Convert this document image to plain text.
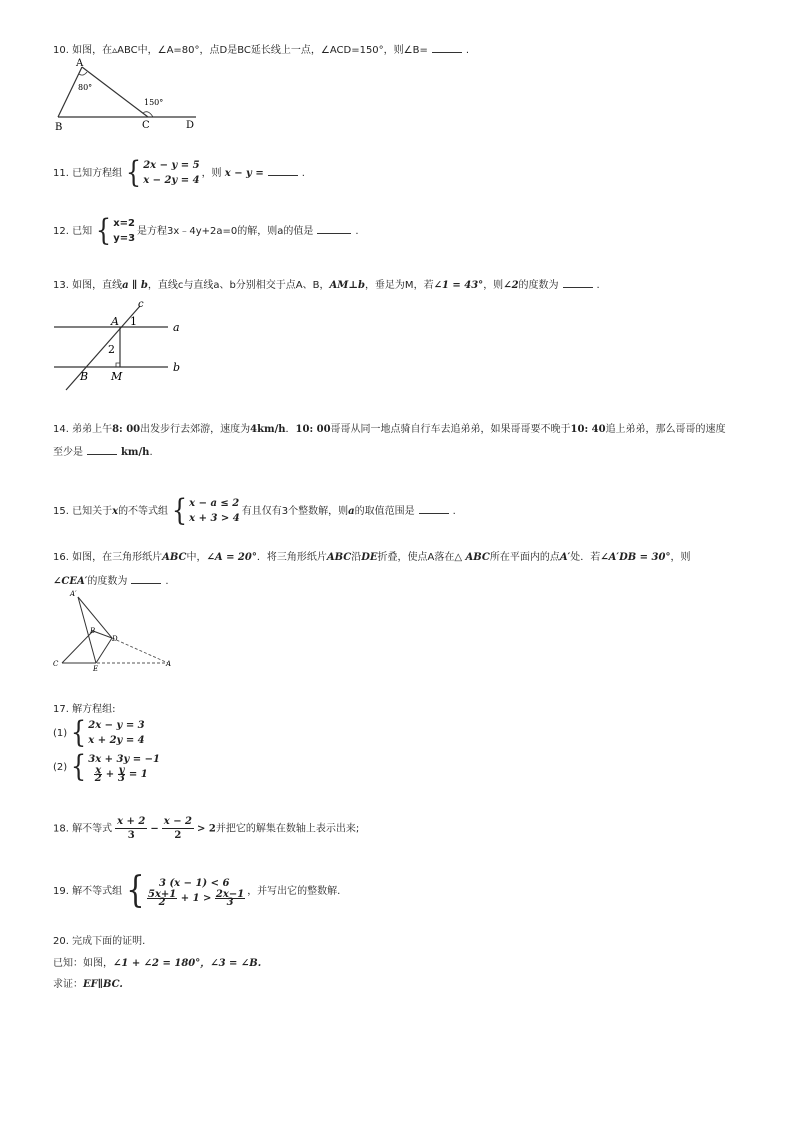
10. 如图，在▵ABC中，∠A=80°，点D是BC延长线上一点，∠ACD=150°，则∠B=	.
A
B	C	D
80°
150°
11. 已知方程组 { 2x − y = 5
x − 2y = 4
，则 x − y =	.
12. 已知 { x=2
y=3
是方程3x﹣4y+2a=0的解，则a的值是	.
13. 如图，直线a ∥ b，直线c与直线a、b分别相交于点A、B，AM⊥b，垂足为M，若∠1 = 43°，则∠2的度数为	.
c
A 1	a
2
B M
b
14. 弟弟上午8: 00出发步行去郊游，速度为4km/h．10: 00哥哥从同一地点骑自行车去追弟弟，如果哥哥要不晚于10: 40追上弟弟，那么哥哥的速度
至少是	km/h.
15. 已知关于x的不等式组 { x − a ≤ 2
x + 3 > 4
有且仅有3个整数解，则a的取值范围是	.
16. 如图，在三角形纸片ABC中，∠A = 20°．将三角形纸片ABC沿DE折叠，使点A落在△ ABC所在平面内的点A′处．若∠A′DB = 30°，则
∠CEA′的度数为	.
A′
B
D
C
E
A
17. 解方程组:
(1) { 2x − y = 3
x + 2y = 4
(2) { 3x + 3y = −1
$\frac{x}{2} + \frac{y}{3} = 1$
18. 解不等式 $\frac{x + 2}{3} - \frac{x - 2}{2} > 2$并把它的解集在数轴上表示出来;
19. 解不等式组 {	3 (x − 1) < 6
$\frac{5x+1}{2} + 1 > \frac{2x-1}{3}$ ，并写出它的整数解.
20. 完成下面的证明.
已知：如图，∠1 + ∠2 = 180°，∠3 = ∠B.
求证：EF∥BC.
